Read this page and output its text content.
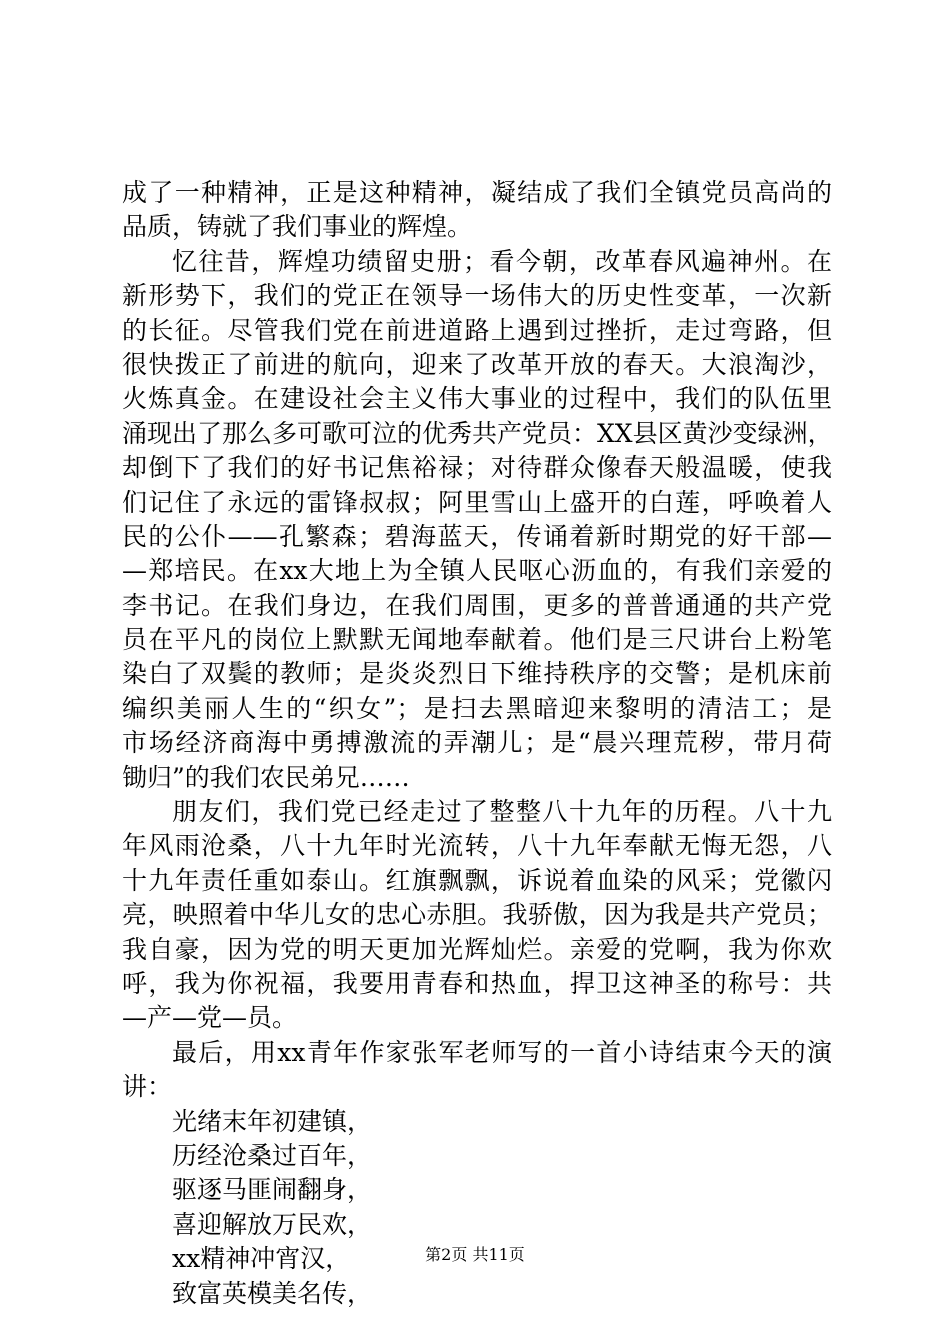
成了一种精神，正是这种精神，凝结成了我们全镇党员高尚的
品质，铸就了我们事业的辉煌。
忆往昔，辉煌功绩留史册；看今朝，改革春风遍神州。在
新形势下，我们的党正在领导一场伟大的历史性变革，一次新
的长征。尽管我们党在前进道路上遇到过挫折，走过弯路，但
很快拨正了前进的航向，迎来了改革开放的春天。大浪淘沙，
火炼真金。在建设社会主义伟大事业的过程中，我们的队伍里
涌现出了那么多可歌可泣的优秀共产党员：XX县区黄沙变绿洲，
却倒下了我们的好书记焦裕禄；对待群众像春天般温暖，使我
们记住了永远的雷锋叔叔；阿里雪山上盛开的白莲，呼唤着人
民的公仆——孔繁森；碧海蓝天，传诵着新时期党的好干部—
—郑培民。在xx大地上为全镇人民呕心沥血的，有我们亲爱的
李书记。在我们身边，在我们周围，更多的普普通通的共产党
员在平凡的岗位上默默无闻地奉献着。他们是三尺讲台上粉笔
染白了双鬓的教师；是炎炎烈日下维持秩序的交警；是机床前
编织美丽人生的“织女”；是扫去黑暗迎来黎明的清洁工；是
市场经济商海中勇搏激流的弄潮儿；是“晨兴理荒秽，带月荷
锄归”的我们农民弟兄……
朋友们，我们党已经走过了整整八十九年的历程。八十九
年风雨沧桑，八十九年时光流转，八十九年奉献无悔无怨，八
十九年责任重如泰山。红旗飘飘，诉说着血染的风采；党徽闪
亮，映照着中华儿女的忠心赤胆。我骄傲，因为我是共产党员；
我自豪，因为党的明天更加光辉灿烂。亲爱的党啊，我为你欢
呼，我为你祝福，我要用青春和热血，捍卫这神圣的称号：共
—产—党—员。
最后，用xx青年作家张军老师写的一首小诗结束今天的演
讲：
光绪末年初建镇，
历经沧桑过百年，
驱逐马匪闹翻身，
喜迎解放万民欢，
xx精神冲宵汉，
致富英模美名传，
第2页 共11页
